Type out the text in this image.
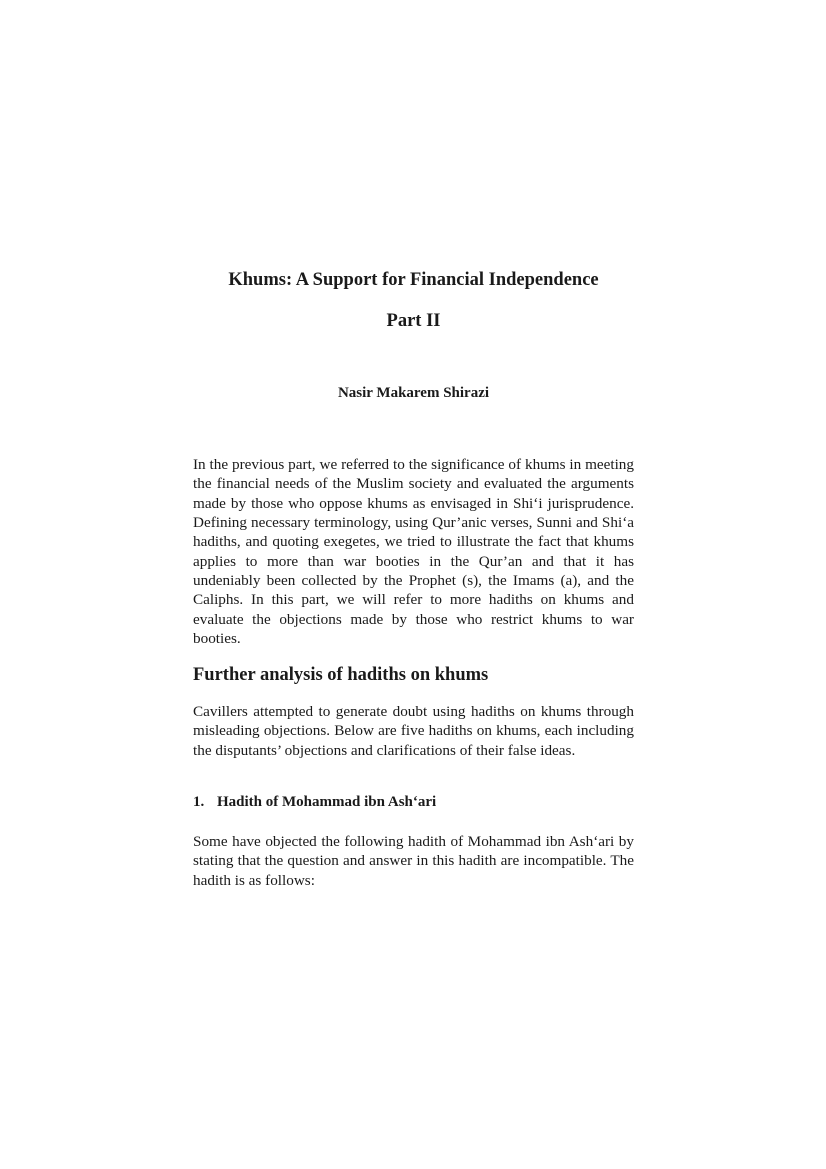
Khums: A Support for Financial Independence
Part II
Nasir Makarem Shirazi

In the previous part, we referred to the significance of khums in meeting the financial needs of the Muslim society and evaluated the arguments made by those who oppose khums as envisaged in Shi‘i jurisprudence. Defining necessary terminology, using Qur’anic verses, Sunni and Shi‘a hadiths, and quoting exegetes, we tried to illustrate the fact that khums applies to more than war booties in the Qur’an and that it has undeniably been collected by the Prophet (s), the Imams (a), and the Caliphs. In this part, we will refer to more hadiths on khums and evaluate the objections made by those who restrict khums to war booties.

Further analysis of hadiths on khums

Cavillers attempted to generate doubt using hadiths on khums through misleading objections. Below are five hadiths on khums, each including the disputants’ objections and clarifications of their false ideas.

1. Hadith of Mohammad ibn Ash‘ari

Some have objected the following hadith of Mohammad ibn Ash‘ari by stating that the question and answer in this hadith are incompatible. The hadith is as follows:
